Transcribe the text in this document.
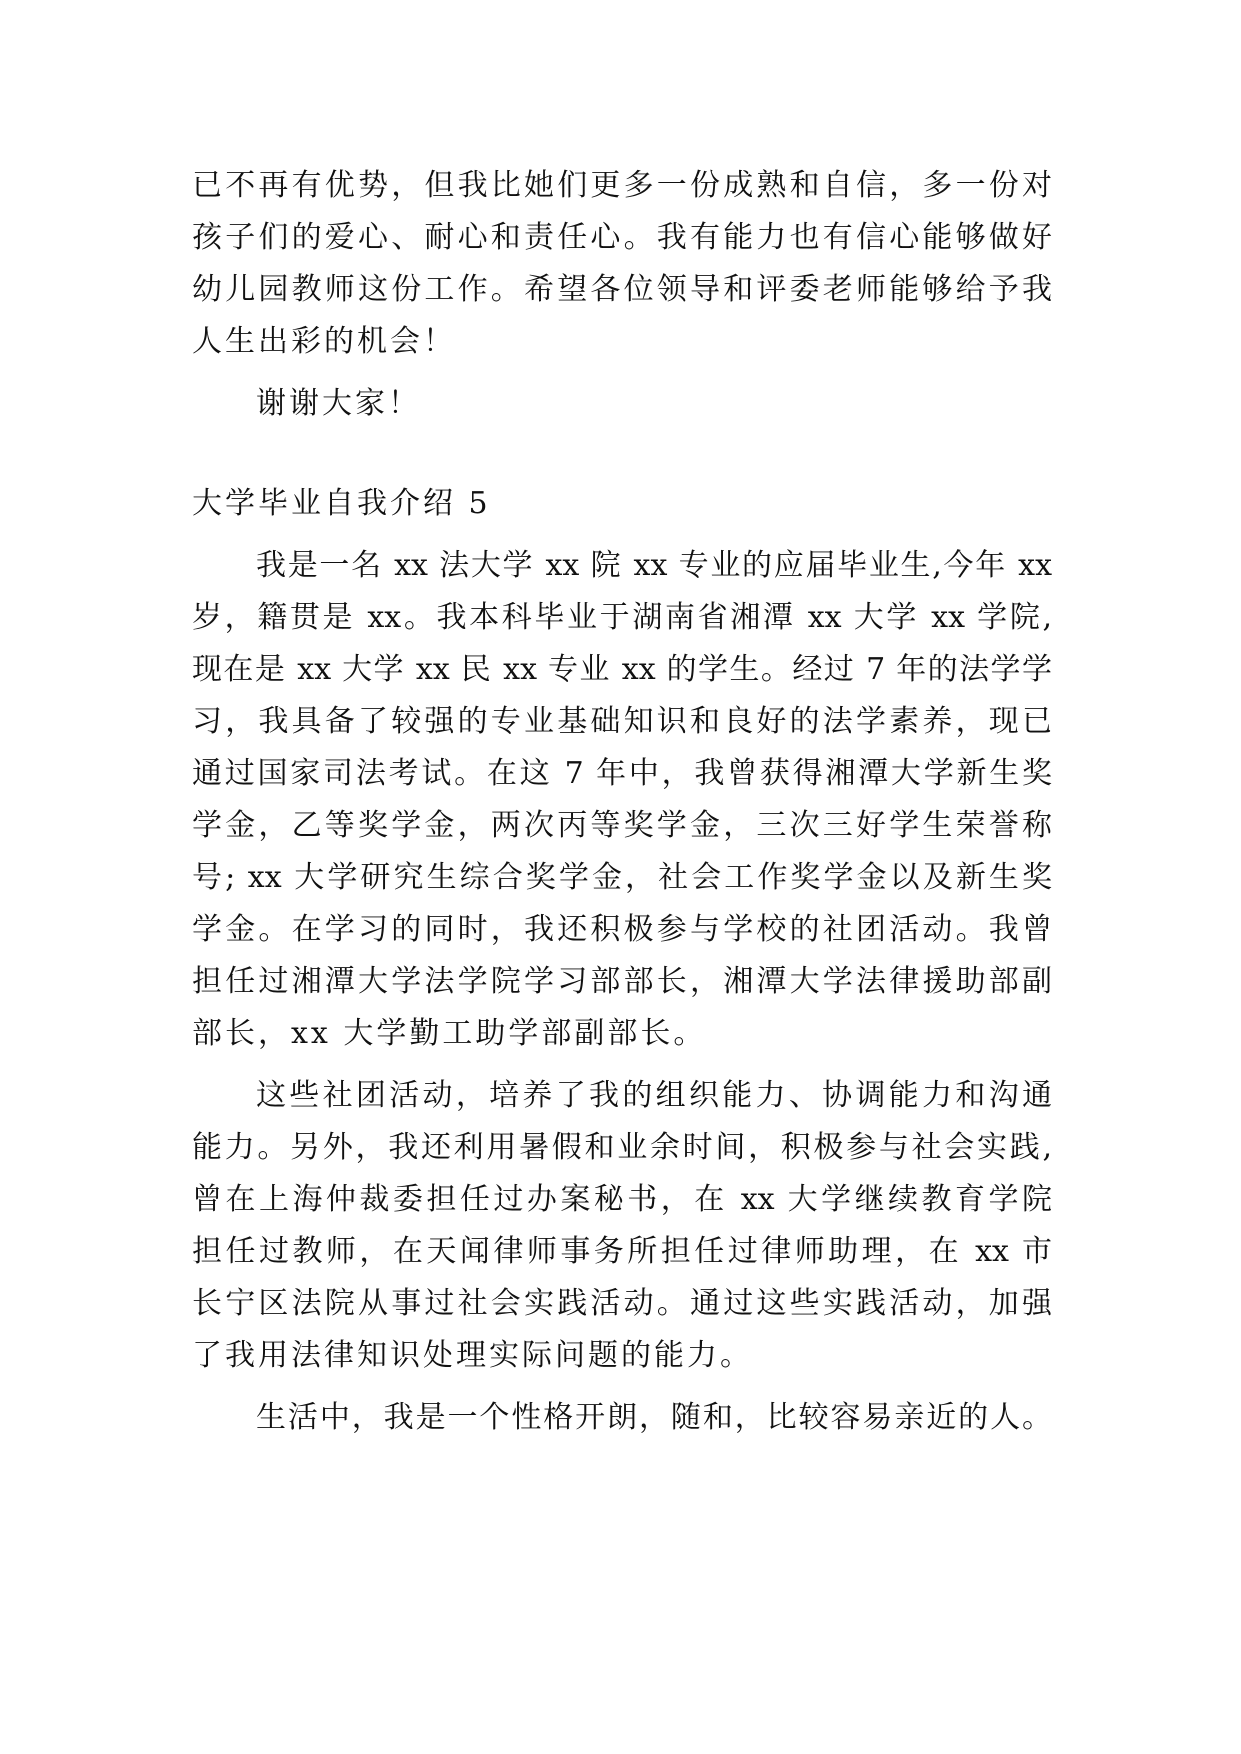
已不再有优势，但我比她们更多一份成熟和自信，多一份对
孩子们的爱心、耐心和责任心。我有能力也有信心能够做好
幼儿园教师这份工作。希望各位领导和评委老师能够给予我
人生出彩的机会！
谢谢大家！
大学毕业自我介绍 5
我是一名 xx 法大学 xx 院 xx 专业的应届毕业生,今年 xx
岁，籍贯是 xx。我本科毕业于湖南省湘潭 xx 大学 xx 学院,
现在是 xx 大学 xx 民 xx 专业 xx 的学生。经过 7 年的法学学
习，我具备了较强的专业基础知识和良好的法学素养，现已
通过国家司法考试。在这 7 年中，我曾获得湘潭大学新生奖
学金，乙等奖学金，两次丙等奖学金，三次三好学生荣誉称
号; xx 大学研究生综合奖学金，社会工作奖学金以及新生奖
学金。在学习的同时，我还积极参与学校的社团活动。我曾
担任过湘潭大学法学院学习部部长，湘潭大学法律援助部副
部长，xx 大学勤工助学部副部长。
这些社团活动，培养了我的组织能力、协调能力和沟通
能力。另外，我还利用暑假和业余时间，积极参与社会实践,
曾在上海仲裁委担任过办案秘书，在 xx 大学继续教育学院
担任过教师，在天闻律师事务所担任过律师助理，在 xx 市
长宁区法院从事过社会实践活动。通过这些实践活动，加强
了我用法律知识处理实际问题的能力。
生活中，我是一个性格开朗，随和，比较容易亲近的人。
